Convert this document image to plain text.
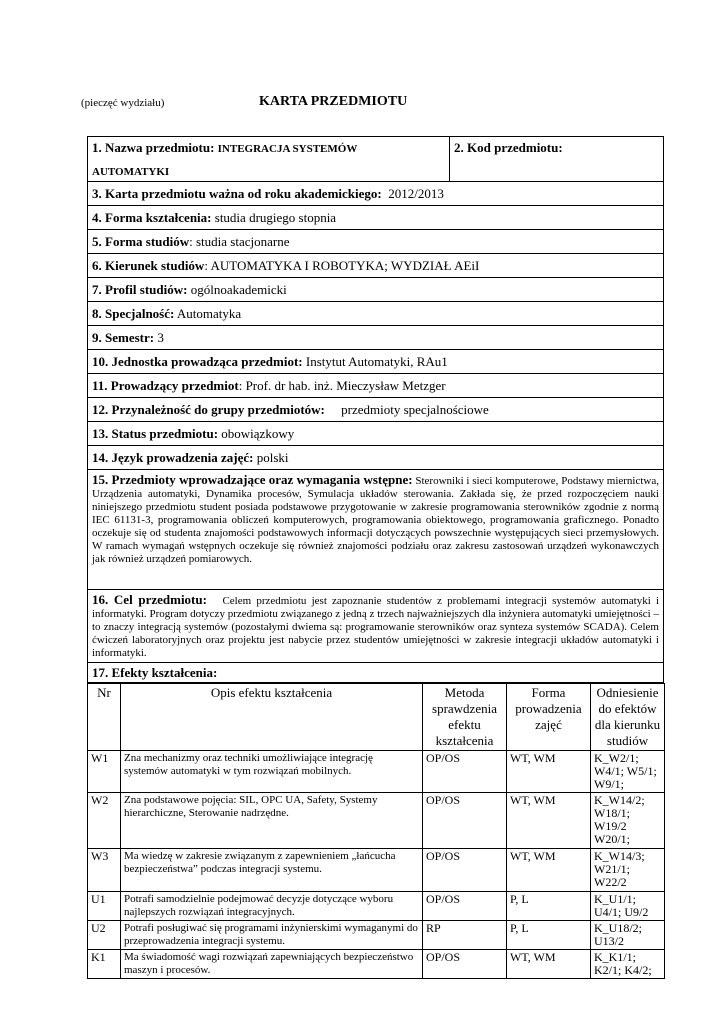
(pieczęć wydziału)	KARTA PRZEDMIOTU
1. Nazwa przedmiotu: INTEGRACJA SYSTEMÓW
AUTOMATYKI
2. Kod przedmiotu:
3. Karta przedmiotu ważna od roku akademickiego: 2012/2013
4. Forma kształcenia: studia drugiego stopnia
5. Forma studiów: studia stacjonarne
6. Kierunek studiów: AUTOMATYKA I ROBOTYKA; WYDZIAŁ AEiI
7. Profil studiów: ogólnoakademicki
8. Specjalność: Automatyka
9. Semestr: 3
10. Jednostka prowadząca przedmiot: Instytut Automatyki, RAu1
11. Prowadzący przedmiot: Prof. dr hab. inż. Mieczysław Metzger
12. Przynależność do grupy przedmiotów: przedmioty specjalnościowe
13. Status przedmiotu: obowiązkowy
14. Język prowadzenia zajęć: polski
15. Przedmioty wprowadzające oraz wymagania wstępne: Sterowniki i sieci komputerowe, Podstawy miernictwa, Urządzenia automatyki, Dynamika procesów, Symulacja układów sterowania. Zakłada się, że przed rozpoczęciem nauki niniejszego przedmiotu student posiada podstawowe przygotowanie w zakresie programowania sterowników zgodnie z normą IEC 61131-3, programowania obliczeń komputerowych, programowania obiektowego, programowania graficznego. Ponadto oczekuje się od studenta znajomości podstawowych informacji dotyczących powszechnie występujących sieci przemysłowych. W ramach wymagań wstępnych oczekuje się również znajomości podziału oraz zakresu zastosowań urządzeń wykonawczych jak również urządzeń pomiarowych.
16. Cel przedmiotu: Celem przedmiotu jest zapoznanie studentów z problemami integracji systemów automatyki i informatyki. Program dotyczy przedmiotu związanego z jedną z trzech najważniejszych dla inżyniera automatyki umiejętności – to znaczy integracją systemów (pozostałymi dwiema są: programowanie sterowników oraz synteza systemów SCADA). Celem ćwiczeń laboratoryjnych oraz projektu jest nabycie przez studentów umiejętności w zakresie integracji układów automatyki i informatyki.
17. Efekty kształcenia:
Nr	Opis efektu kształcenia	Metoda sprawdzenia efektu kształcenia	Forma prowadzenia zajęć	Odniesienie do efektów dla kierunku studiów
W1	Zna mechanizmy oraz techniki umożliwiające integrację systemów automatyki w tym rozwiązań mobilnych.	OP/OS	WT, WM	K_W2/1; W4/1; W5/1; W9/1;
W2	Zna podstawowe pojęcia: SIL, OPC UA, Safety, Systemy hierarchiczne, Sterowanie nadrzędne.	OP/OS	WT, WM	K_W14/2; W18/1; W19/2 W20/1;
W3	Ma wiedzę w zakresie związanym z zapewnieniem „łańcucha bezpieczeństwa” podczas integracji systemu.	OP/OS	WT, WM	K_W14/3; W21/1; W22/2
U1	Potrafi samodzielnie podejmować decyzje dotyczące wyboru najlepszych rozwiązań integracyjnych.	OP/OS	P, L	K_U1/1; U4/1; U9/2
U2	Potrafi posługiwać się programami inżynierskimi wymaganymi do przeprowadzenia integracji systemu.	RP	P, L	K_U18/2; U13/2
K1	Ma świadomość wagi rozwiązań zapewniających bezpieczeństwo maszyn i procesów.	OP/OS	WT, WM	K_K1/1; K2/1; K4/2;
